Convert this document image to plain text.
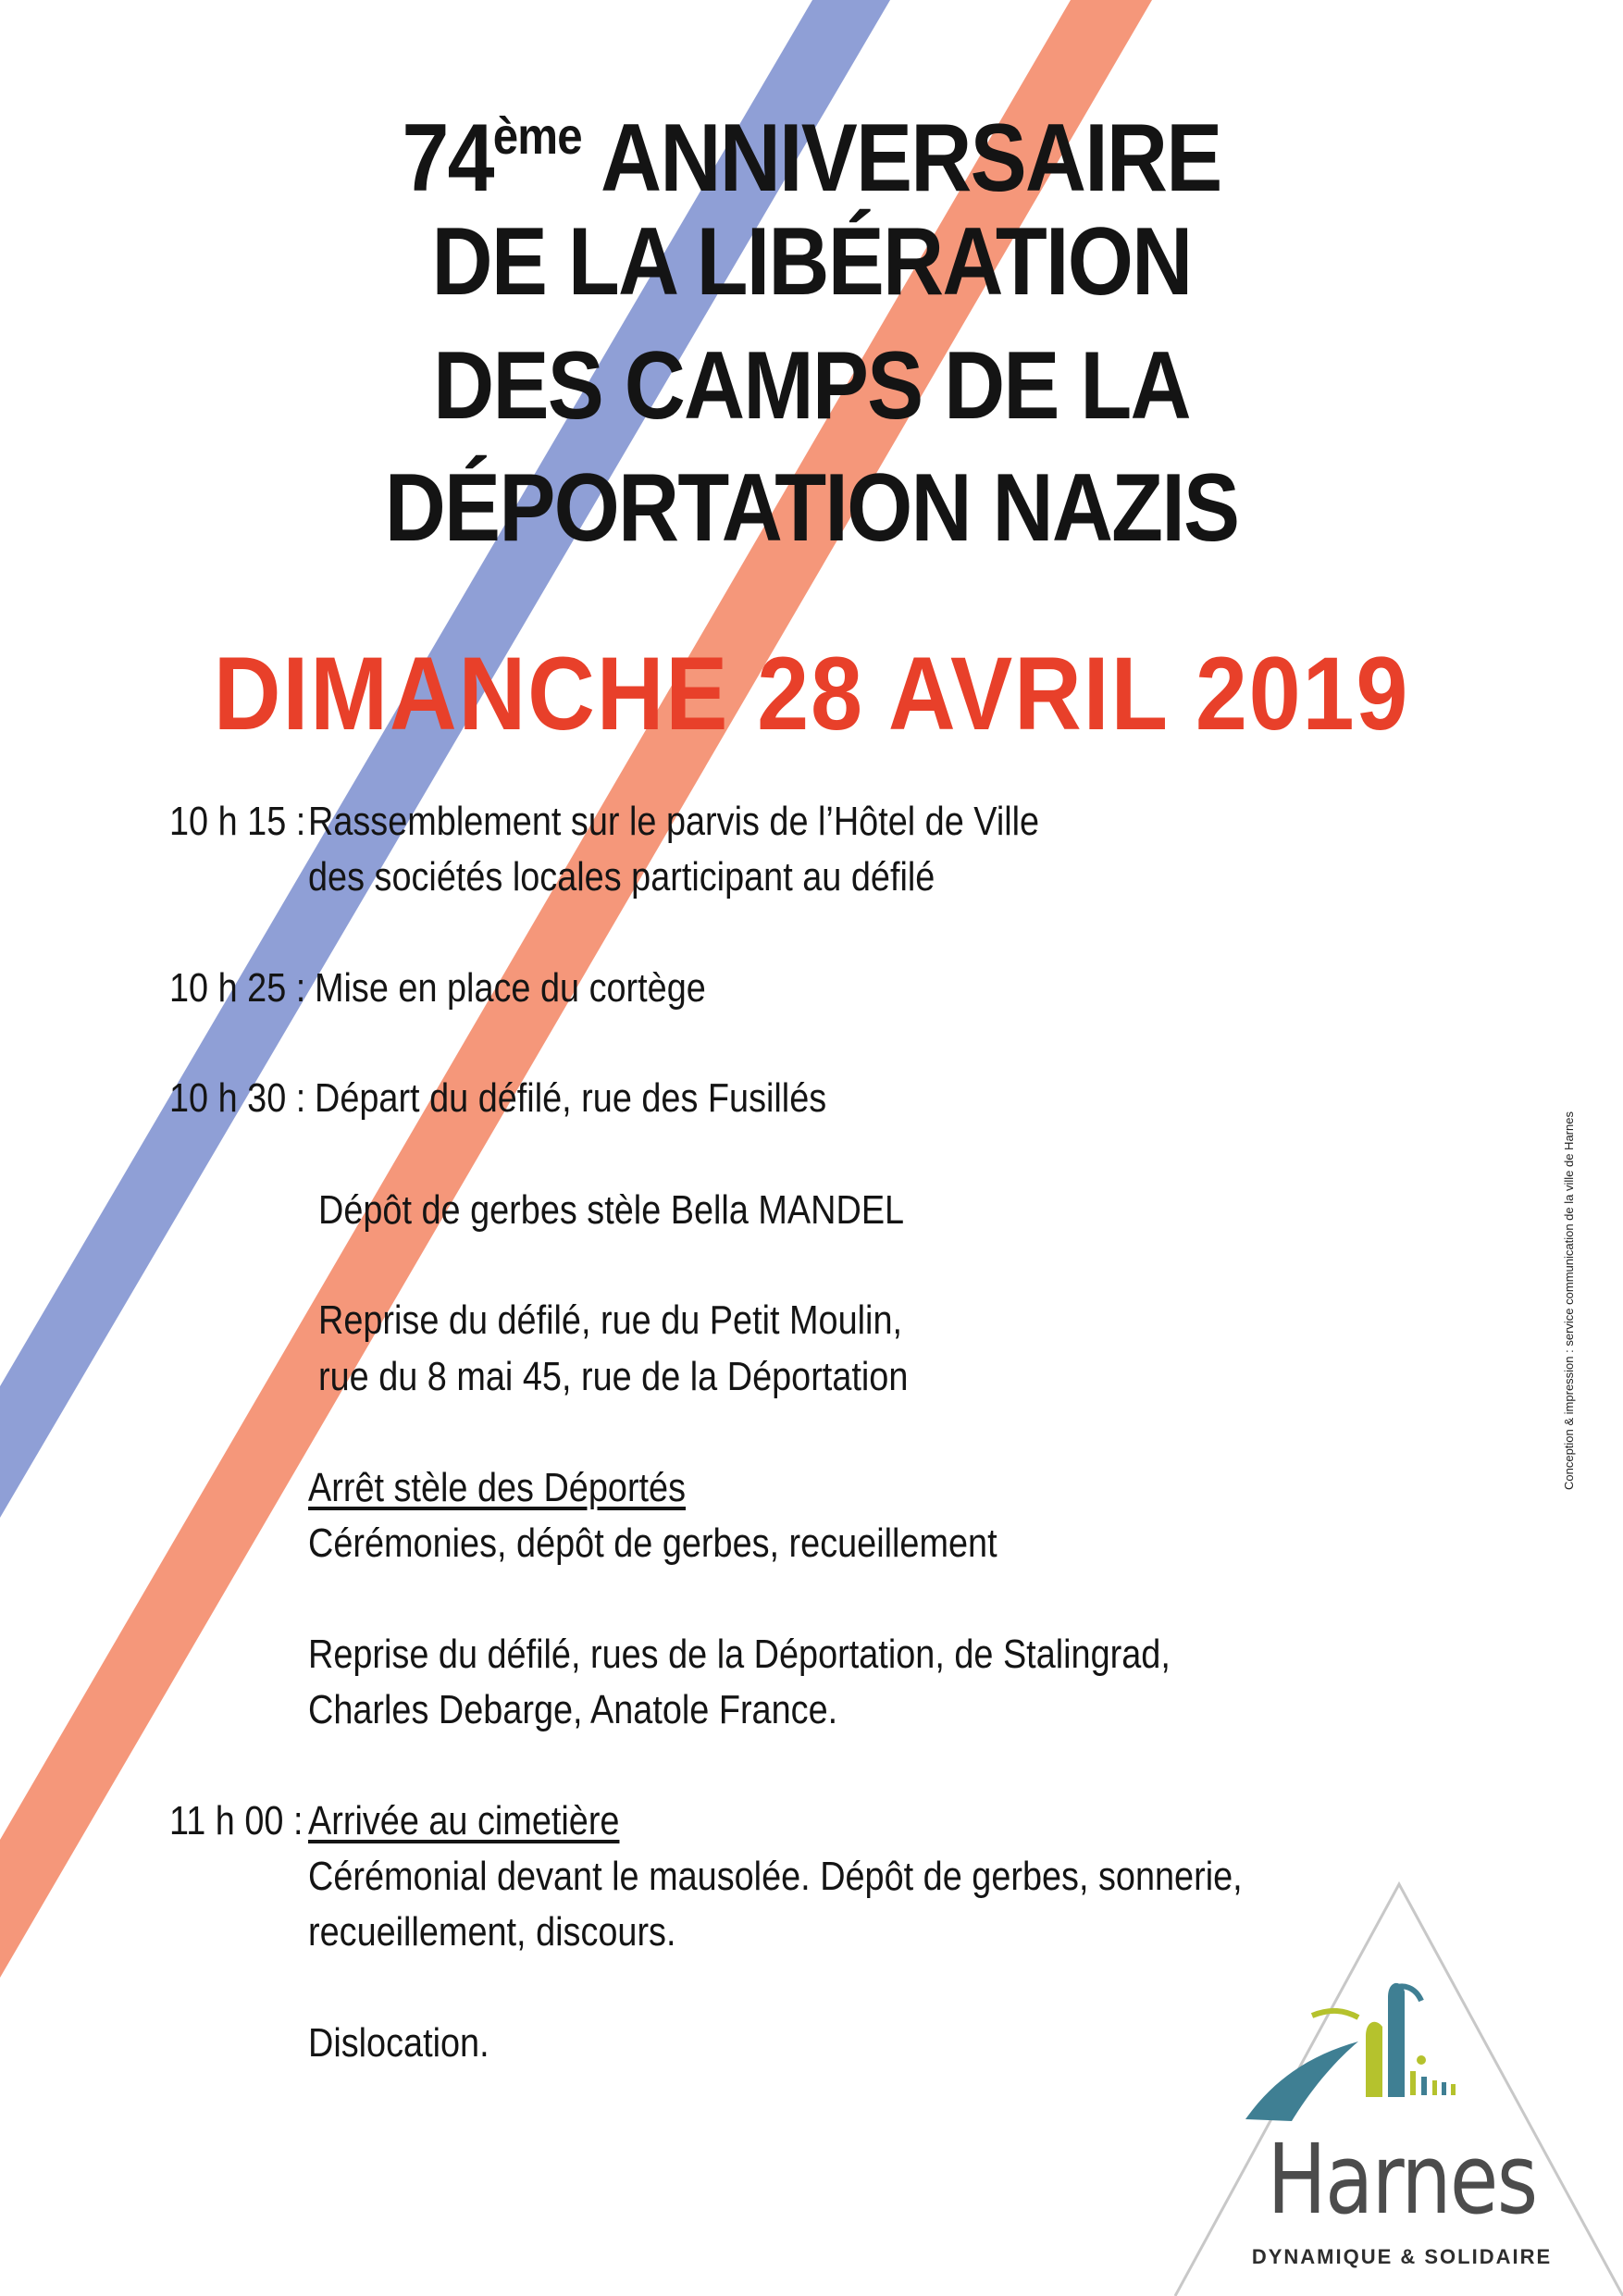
74ème ANNIVERSAIRE
DE LA LIBÉRATION
DES CAMPS DE LA
DÉPORTATION NAZIS
DIMANCHE 28 AVRIL 2019
10 h 15 : Rassemblement sur le parvis de l’Hôtel de Ville
des sociétés locales participant au défilé
10 h 25 : Mise en place du cortège
10 h 30 : Départ du défilé, rue des Fusillés
Dépôt de gerbes stèle Bella MANDEL
Reprise du défilé, rue du Petit Moulin,
rue du 8 mai 45, rue de la Déportation
Arrêt stèle des Déportés
Cérémonies, dépôt de gerbes, recueillement
Reprise du défilé, rues de la Déportation, de Stalingrad,
Charles Debarge, Anatole France.
11 h 00 : Arrivée au cimetière
Cérémonial devant le mausolée. Dépôt de gerbes, sonnerie,
recueillement, discours.
Dislocation.
Conception & impression : service communication de la ville de Harnes
Harnes
DYNAMIQUE & SOLIDAIRE
